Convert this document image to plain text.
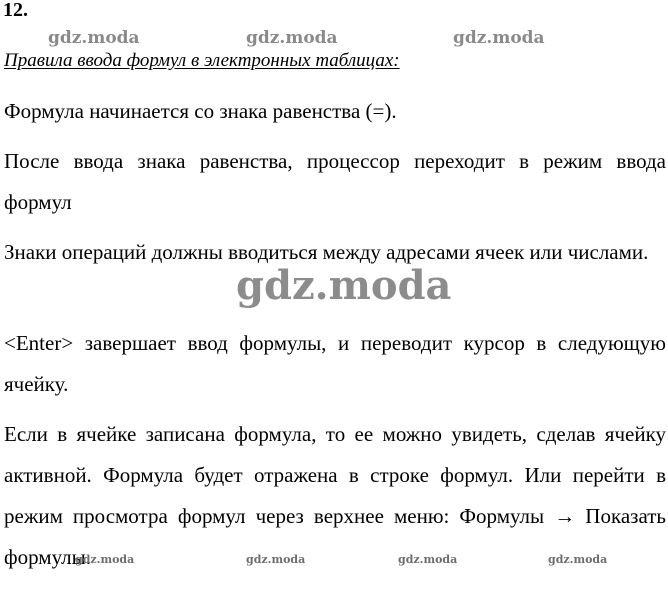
12.
gdz.moda	gdz.moda	gdz.moda
Правила ввода формул в электронных таблицах:
Формула начинается со знака равенства (=).
После ввода знака равенства, процессор переходит в режим ввода формул
Знаки операций должны вводиться между адресами ячеек или числами.
<Enter> завершает ввод формулы, и переводит курсор в следующую ячейку.
Если в ячейке записана формула, то ее можно увидеть, сделав ячейку активной. Формула будет отражена в строке формул. Или перейти в режим просмотра формул через верхнее меню: Формулы → Показать формулы.
gdz.moda
gdz.moda	gdz.moda	gdz.moda	gdz.moda
